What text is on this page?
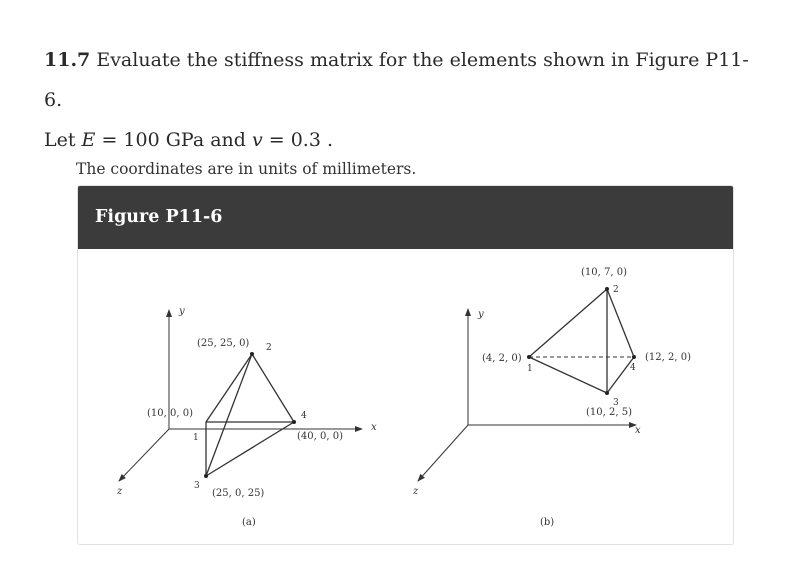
11.7 Evaluate the stiffness matrix for the elements shown in Figure P11-6.
Let E = 100 GPa and v = 0.3 .
The coordinates are in units of millimeters.
Figure P11-6
y
x
z
(10, 0, 0)
1
(25, 25, 0) 2
3
(25, 0, 25)
4
(40, 0, 0)
(a)
y
x
z
(4, 2, 0)
1
(10, 7, 0)
2
3
(10, 2, 5)
4
(12, 2, 0)
(b)
